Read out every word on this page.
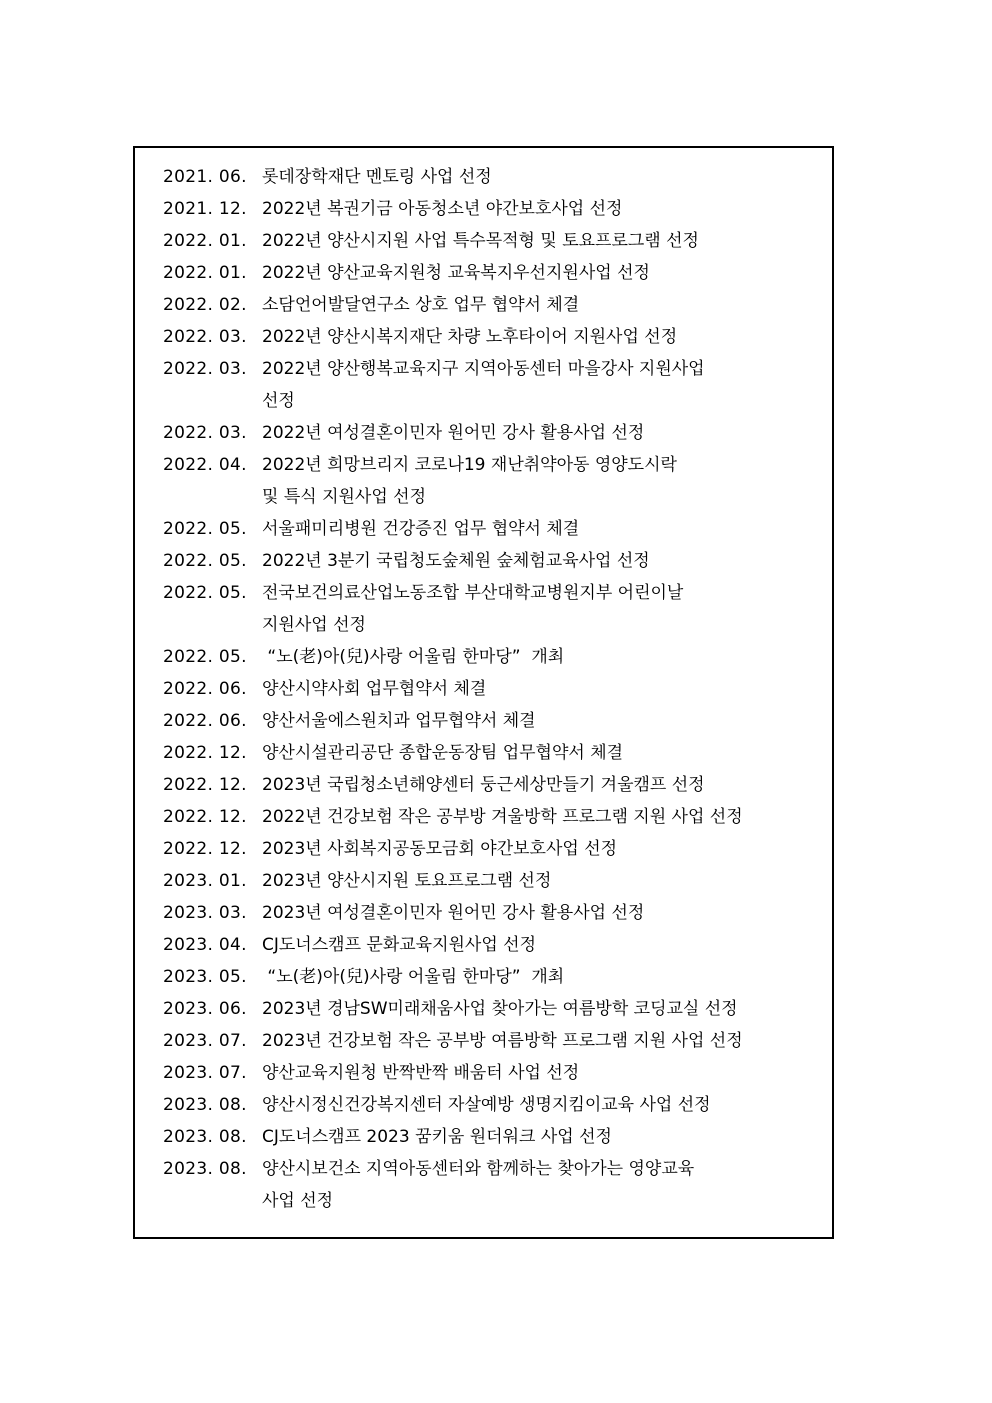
2021. 06. 롯데장학재단 멘토링 사업 선정
2021. 12. 2022년 복권기금 아동청소년 야간보호사업 선정
2022. 01. 2022년 양산시지원 사업 특수목적형 및 토요프로그램 선정
2022. 01. 2022년 양산교육지원청 교육복지우선지원사업 선정
2022. 02. 소담언어발달연구소 상호 업무 협약서 체결
2022. 03. 2022년 양산시복지재단 차량 노후타이어 지원사업 선정
2022. 03. 2022년 양산행복교육지구 지역아동센터 마을강사 지원사업
선정
2022. 03. 2022년 여성결혼이민자 원어민 강사 활용사업 선정
2022. 04. 2022년 희망브리지 코로나19 재난취약아동 영양도시락
및 특식 지원사업 선정
2022. 05. 서울패미리병원 건강증진 업무 협약서 체결
2022. 05. 2022년 3분기 국립청도숲체원 숲체험교육사업 선정
2022. 05. 전국보건의료산업노동조합 부산대학교병원지부 어린이날
지원사업 선정
2022. 05. “노(老)아(兒)사랑 어울림 한마당”  개최
2022. 06. 양산시약사회 업무협약서 체결
2022. 06. 양산서울에스원치과 업무협약서 체결
2022. 12. 양산시설관리공단 종합운동장팀 업무협약서 체결
2022. 12. 2023년 국립청소년해양센터 둥근세상만들기 겨울캠프 선정
2022. 12. 2022년 건강보험 작은 공부방 겨울방학 프로그램 지원 사업 선정
2022. 12. 2023년 사회복지공동모금회 야간보호사업 선정
2023. 01. 2023년 양산시지원 토요프로그램 선정
2023. 03. 2023년 여성결혼이민자 원어민 강사 활용사업 선정
2023. 04. CJ도너스캠프 문화교육지원사업 선정
2023. 05. “노(老)아(兒)사랑 어울림 한마당”  개최
2023. 06. 2023년 경남SW미래채움사업 찾아가는 여름방학 코딩교실 선정
2023. 07. 2023년 건강보험 작은 공부방 여름방학 프로그램 지원 사업 선정
2023. 07. 양산교육지원청 반짝반짝 배움터 사업 선정
2023. 08. 양산시정신건강복지센터 자살예방 생명지킴이교육 사업 선정
2023. 08. CJ도너스캠프 2023 꿈키움 원더워크 사업 선정
2023. 08. 양산시보건소 지역아동센터와 함께하는 찾아가는 영양교육
사업 선정
